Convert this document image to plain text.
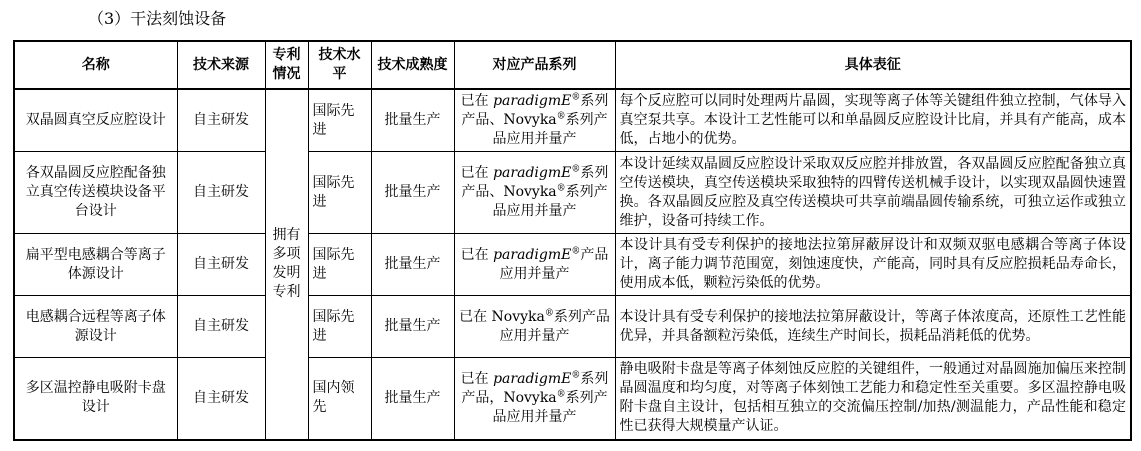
（3）干法刻蚀设备
名称	技术来源	专利情况	技术水平	技术成熟度	对应产品系列	具体表征
双晶圆真空反应腔设计	自主研发	拥有多项发明专利	国际先进	批量生产	已在 paradigmE®系列产品、Novyka®系列产品应用并量产	每个反应腔可以同时处理两片晶圆，实现等离子体等关键组件独立控制，气体导入真空泵共享。本设计工艺性能可以和单晶圆反应腔设计比肩，并具有产能高，成本低，占地小的优势。
各双晶圆反应腔配备独立真空传送模块设备平台设计	自主研发		国际先进	批量生产	已在 paradigmE®系列产品、Novyka®系列产品应用并量产	本设计延续双晶圆反应腔设计采取双反应腔并排放置，各双晶圆反应腔配备独立真空传送模块，真空传送模块采取独特的四臂传送机械手设计，以实现双晶圆快速置换。各双晶圆反应腔及真空传送模块可共享前端晶圆传输系统，可独立运作或独立维护，设备可持续工作。
扁平型电感耦合等离子体源设计	自主研发		国际先进	批量生产	已在 paradigmE®产品应用并量产	本设计具有受专利保护的接地法拉第屏蔽屏设计和双频双驱电感耦合等离子体设计，离子能力调节范围宽，刻蚀速度快，产能高，同时具有反应腔损耗品寿命长，使用成本低，颗粒污染低的优势。
电感耦合远程等离子体源设计	自主研发		国际先进	批量生产	已在 Novyka®系列产品应用并量产	本设计具有受专利保护的接地法拉第屏蔽设计，等离子体浓度高，还原性工艺性能优异，并具备额粒污染低，连续生产时间长，损耗品消耗低的优势。
多区温控静电吸附卡盘设计	自主研发		国内领先	批量生产	已在 paradigmE®系列产品，Novyka®系列产品应用并量产	静电吸附卡盘是等离子体刻蚀反应腔的关键组件，一般通过对晶圆施加偏压来控制晶圆温度和均匀度，对等离子体刻蚀工艺能力和稳定性至关重要。多区温控静电吸附卡盘自主设计，包括相互独立的交流偏压控制/加热/测温能力，产品性能和稳定性已获得大规模量产认证。
